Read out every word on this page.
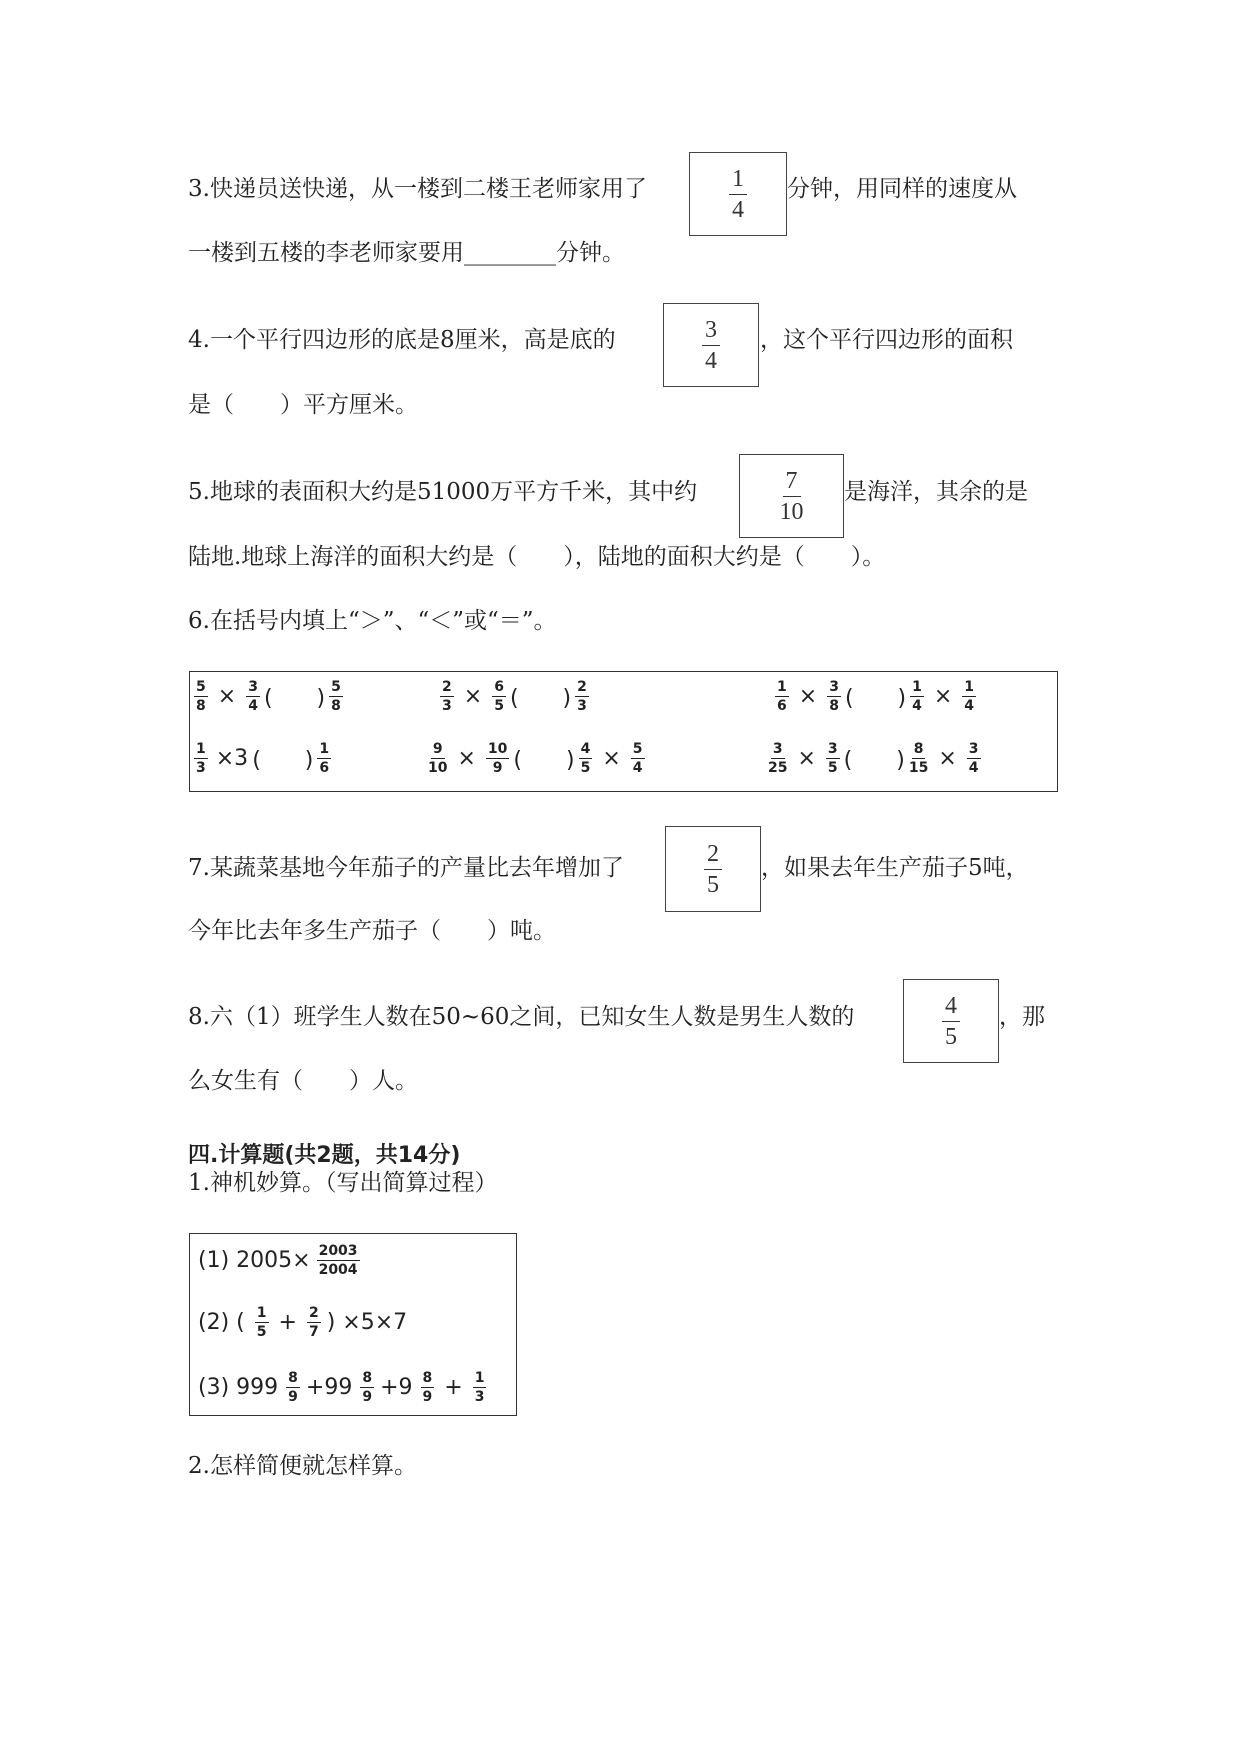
3.快递员送快递，从一楼到二楼王老师家用了	$\frac{1}{4}$ 分钟，用同样的速度从
一楼到五楼的李老师家要用________分钟。
4.一个平行四边形的底是8厘米，高是底的	$\frac{3}{4}$ ，这个平行四边形的面积
是（　　）平方厘米。
5.地球的表面积大约是51000万平方千米，其中约	$\frac{7}{10}$ 是海洋，其余的是
陆地.地球上海洋的面积大约是（　　），陆地的面积大约是（　　）。
6.在括号内填上“＞”、“＜”或“＝”。
$\frac{5}{8} \times \frac{3}{4}$ (　　) $\frac{5}{8}$	$\frac{2}{3} \times \frac{6}{5}$ (　　) $\frac{2}{3}$	$\frac{1}{6} \times \frac{3}{8}$ (　　) $\frac{1}{4} \times \frac{1}{4}$
$\frac{1}{3} \times 3$ (　　) $\frac{1}{6}$	$\frac{9}{10} \times \frac{10}{9}$ (　　) $\frac{4}{5} \times \frac{5}{4}$	$\frac{3}{25} \times \frac{3}{5}$ (　　) $\frac{8}{15} \times \frac{3}{4}$
7.某蔬菜基地今年茄子的产量比去年增加了	$\frac{2}{5}$ ，如果去年生产茄子5吨，
今年比去年多生产茄子（　　）吨。
8.六（1）班学生人数在50~60之间，已知女生人数是男生人数的	$\frac{4}{5}$ ，那
么女生有（　　）人。
四.计算题(共2题，共14分)
1.神机妙算。（写出简算过程）
(1) $2005\times \frac{2003}{2004}$
(2) ( $\frac{1}{5} + \frac{2}{7}$ ) ×5×7
(3) $999 \frac{8}{9} +99 \frac{8}{9} +9 \frac{8}{9} + \frac{1}{3}$
2.怎样简便就怎样算。
